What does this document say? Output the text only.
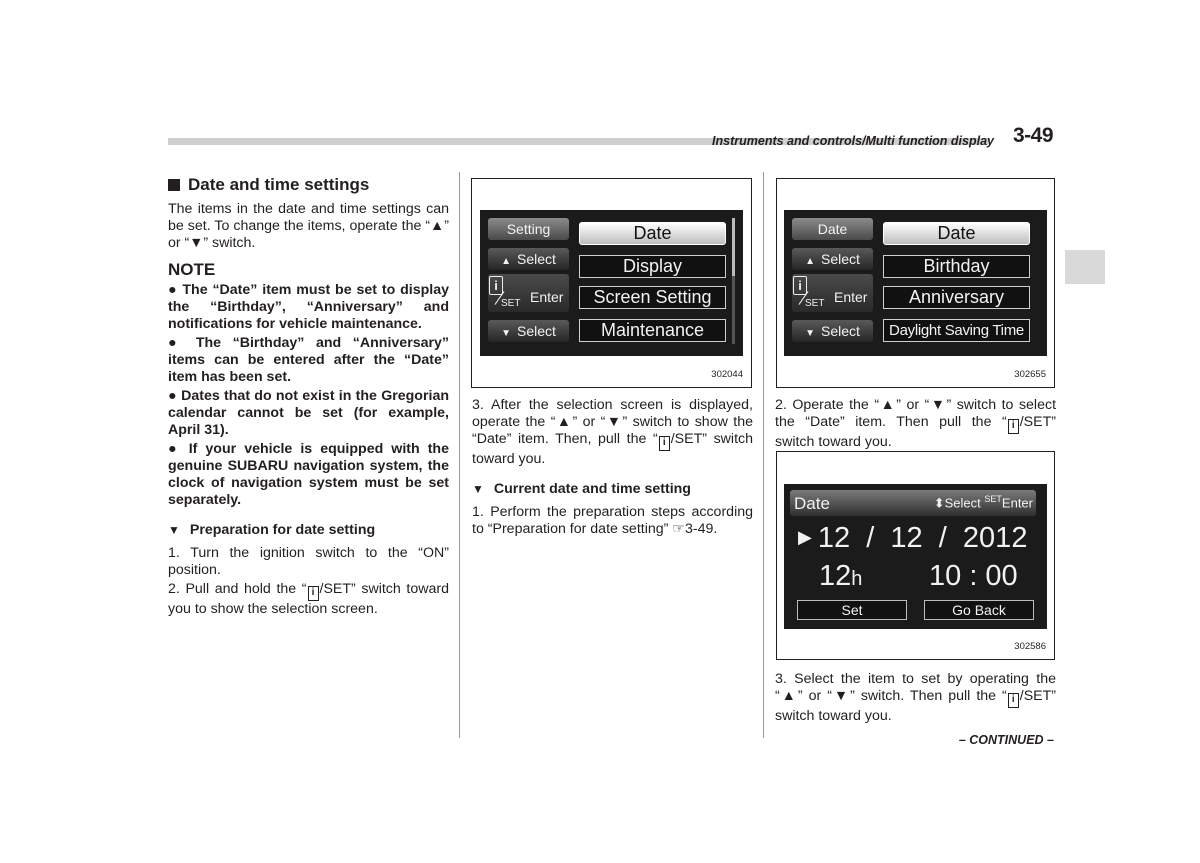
Instruments and controls/Multi function display 3-49

Date and time settings

The items in the date and time settings can be set. To change the items, operate the “▲” or “▼” switch.

NOTE

● The “Date” item must be set to display the “Birthday”, “Anniversary” and notifications for vehicle maintenance.

● The “Birthday” and “Anniversary” items can be entered after the “Date” item has been set.

● Dates that do not exist in the Gregorian calendar cannot be set (for example, April 31).

● If your vehicle is equipped with the genuine SUBARU navigation system, the clock of navigation system must be set separately.

▼ Preparation for date setting

1. Turn the ignition switch to the “ON” position.

2. Pull and hold the “ i /SET” switch toward you to show the selection screen.

Setting
▲ Select
i
SET Enter
▼ Select
Date
Display
Screen Setting
Maintenance
302044

3. After the selection screen is displayed, operate the “▲” or “▼” switch to show the “Date” item. Then, pull the “ i /SET” switch toward you.

▼ Current date and time setting

1. Perform the preparation steps according to “Preparation for date setting” ☞3-49.

Date
▲ Select
i
SET Enter
▼ Select
Date
Birthday
Anniversary
Daylight Saving Time
302655

2. Operate the “▲” or “▼” switch to select the “Date” item. Then pull the “ i /SET” switch toward you.

Date	⬍Select $^{SET}$Enter
▶ 12  /  12  /  2012
12h 10 : 00
Set	Go Back
302586

3. Select the item to set by operating the “▲” or “▼” switch. Then pull the “ i /SET” switch toward you.

– CONTINUED –
